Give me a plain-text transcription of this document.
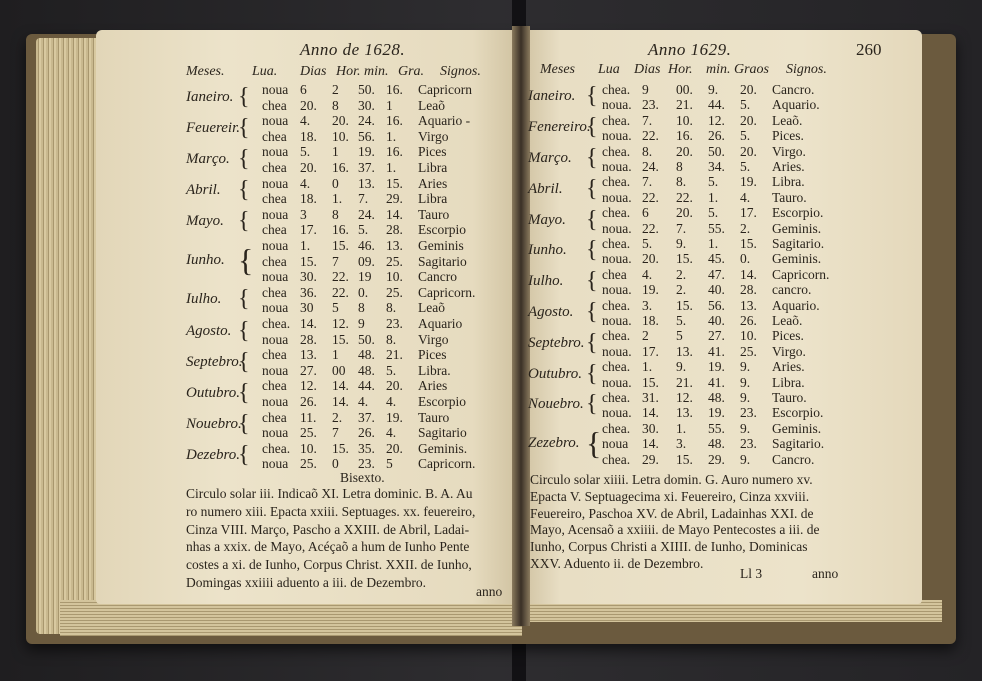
Anno de 1628.	Anno 1629.	260
Meses. Lua. Dias Hor. min. Gra. Signos.
Ianeiro. { noua 6 2 50. 16. Capricorn
chea 20. 8 30. 1 Leaõ
Feuereir.
{ noua 4. 20. 24. 16. Aquario -
chea 18. 10. 56. 1. Virgo
Março. { noua 5. 1 19. 16. Pices
chea 20. 16. 37. 1. Libra
Abril. { noua 4. 0 13. 15. Aries
chea 18. 1. 7. 29. Libra
Mayo. { noua 3 8 24. 14. Tauro
chea 17. 16. 5. 28. Escorpio
Iunho. { noua 1. 15. 46. 13. Geminis
chea 15. 7 09. 25. Sagitario
noua 30. 22. 19 10. Cancro
Iulho. { chea 36. 22. 0. 25. Capricorn.
noua 30 5 8 8. Leaõ
Agosto. { chea. 14. 12. 9 23. Aquario
noua 28. 15. 50. 8. Virgo
Septebro.
{ chea 13. 1 48. 21. Pices
noua 27. 00 48. 5. Libra.
Outubro.
{ chea 12. 14. 44. 20. Aries
noua 26. 14. 4. 4. Escorpio
Nouebro.
{ chea 11. 2. 37. 19. Tauro
noua 25. 7 26. 4. Sagitario
Dezebro.
{ chea. 10. 15. 35. 20. Geminis.
noua 25. 0 23. 5 Capricorn.
Meses Lua Dias Hor. min. Graos Signos.
Ianeiro. { chea. 9 00. 9. 20. Cancro.
noua. 23. 21. 44. 5. Aquario.
Fenereiro.
{ chea. 7. 10. 12. 20. Leaõ.
noua. 22. 16. 26. 5. Pices.
Março. { chea. 8. 20. 50. 20. Virgo.
noua. 24. 8 34. 5. Aries.
Abril. { chea. 7. 8. 5. 19. Libra.
noua. 22. 22. 1. 4. Tauro.
Mayo. { chea. 6 20. 5. 17. Escorpio.
noua. 22. 7. 55. 2. Geminis.
Iunho. { chea. 5. 9. 1. 15. Sagitario.
noua. 20. 15. 45. 0. Geminis.
Iulho. { chea 4. 2. 47. 14. Capricorn.
noua. 19. 2. 40. 28. cancro.
Agosto. { chea. 3. 15. 56. 13. Aquario.
noua. 18. 5. 40. 26. Leaõ.
Septebro. { chea. 2 5 27. 10. Pices.
noua. 17. 13. 41. 25. Virgo.
Outubro. { chea. 1. 9. 19. 9. Aries.
noua. 15. 21. 41. 9. Libra.
Nouebro. { chea. 31. 12. 48. 9. Tauro.
noua. 14. 13. 19. 23. Escorpio.
Zezebro. { chea. 30. 1. 55. 9. Geminis.
noua 14. 3. 48. 23. Sagitario.
chea. 29. 15. 29. 9. Cancro.
Bisexto.
Circulo solar iii. Indicaõ XI. Letra dominic. B. A. Au
ro numero xiii. Epacta xxiii. Septuages. xx. feuereiro,
Cinza VIII. Março, Pascho a XXIII. de Abril, Ladai-
nhas a xxix. de Mayo, Acéçaõ a hum de Iunho Pente
costes a xi. de Iunho, Corpus Christ. XXII. de Iunho,
Domingas xxiiii aduento a iii. de Dezembro.
Circulo solar xiiii. Letra domin. G. Auro numero xv.
Epacta V. Septuagecima xi. Feuereiro, Cinza xxviii.
Feuereiro, Paschoa XV. de Abril, Ladainhas XXI. de
Mayo, Acensaõ a xxiiii. de Mayo Pentecostes a iii. de
Iunho, Corpus Christi a XIIII. de Iunho, Dominicas
XXV. Aduento ii. de Dezembro.
anno
Ll 3	anno
